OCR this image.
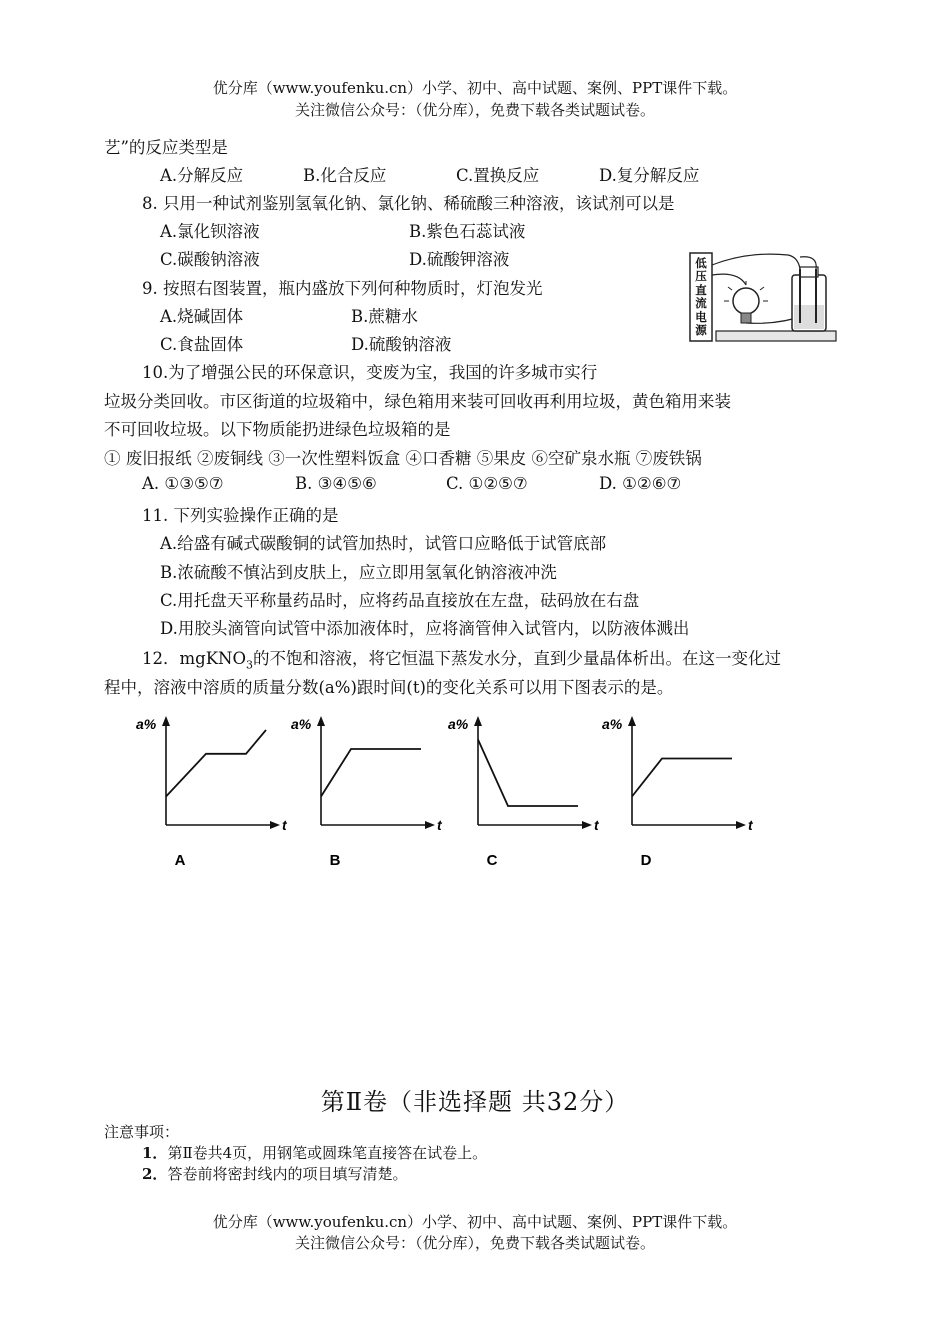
优分库（www.youfenku.cn）小学、初中、高中试题、案例、PPT课件下载。
关注微信公众号：（优分库），免费下载各类试题试卷。
艺”的反应类型是
A.分解反应	B.化合反应	C.置换反应	D.复分解反应
8. 只用一种试剂鉴别氢氧化钠、氯化钠、稀硫酸三种溶液，该试剂可以是
A.氯化钡溶液	B.紫色石蕊试液
C.碳酸钠溶液	D.硫酸钾溶液
9. 按照右图装置，瓶内盛放下列何种物质时，灯泡发光
A.烧碱固体	B.蔗糖水
C.食盐固体	D.硫酸钠溶液
低压直流电源
10.为了增强公民的环保意识，变废为宝，我国的许多城市实行
垃圾分类回收。市区街道的垃圾箱中，绿色箱用来装可回收再利用垃圾，黄色箱用来装
不可回收垃圾。以下物质能扔进绿色垃圾箱的是
① 废旧报纸 ②废铜线 ③一次性塑料饭盒 ④口香糖 ⑤果皮 ⑥空矿泉水瓶 ⑦废铁锅
A. ①③⑤⑦	B. ③④⑤⑥	C. ①②⑤⑦	D. ①②⑥⑦
11. 下列实验操作正确的是
A.给盛有碱式碳酸铜的试管加热时，试管口应略低于试管底部
B.浓硫酸不慎沾到皮肤上，应立即用氢氧化钠溶液冲洗
C.用托盘天平称量药品时，应将药品直接放在左盘，砝码放在右盘
D.用胶头滴管向试管中添加液体时，应将滴管伸入试管内，以防液体溅出
12．mgKNO$_3$的不饱和溶液，将它恒温下蒸发水分，直到少量晶体析出。在这一变化过
程中，溶液中溶质的质量分数(a%)跟时间(t)的变化关系可以用下图表示的是。
a%
t
A
a%
t
B
a%
t
C
a%
t
D
第Ⅱ卷（非选择题 共32分）
注意事项：
1．第Ⅱ卷共4页，用钢笔或圆珠笔直接答在试卷上。
2．答卷前将密封线内的项目填写清楚。
优分库（www.youfenku.cn）小学、初中、高中试题、案例、PPT课件下载。
关注微信公众号：（优分库），免费下载各类试题试卷。
